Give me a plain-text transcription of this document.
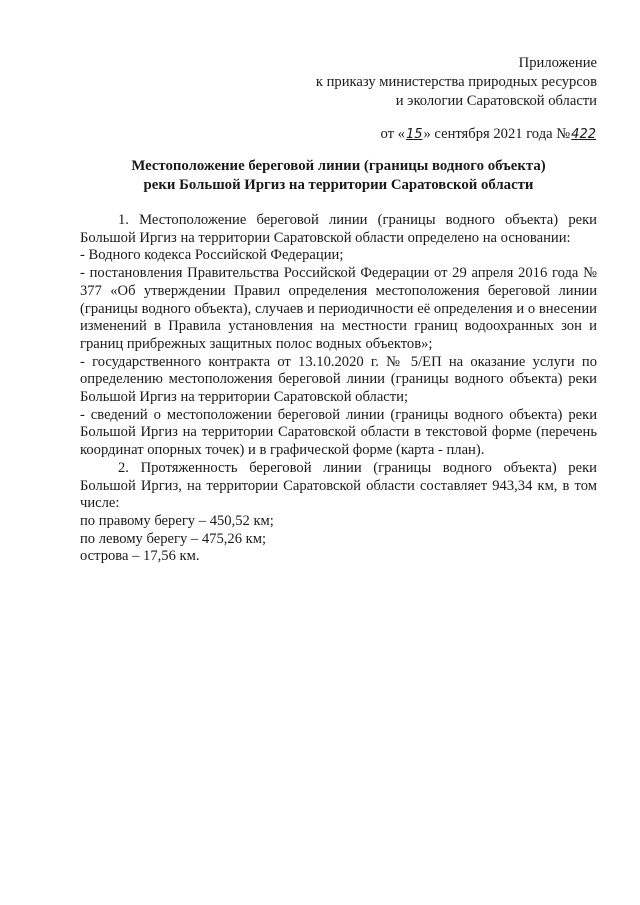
Приложение
к приказу министерства природных ресурсов
и экологии Саратовской области
от «15» сентября 2021 года №422
Местоположение береговой линии (границы водного объекта)
реки Большой Иргиз на территории Саратовской области

1. Местоположение береговой линии (границы водного объекта) реки Большой Иргиз на территории Саратовской области определено на основании:

- Водного кодекса Российской Федерации;

- постановления Правительства Российской Федерации от 29 апреля 2016 года № 377 «Об утверждении Правил определения местоположения береговой линии (границы водного объекта), случаев и периодичности её определения и о внесении изменений в Правила установления на местности границ водоохранных зон и границ прибрежных защитных полос водных объектов»;

- государственного контракта от 13.10.2020 г. № 5/ЕП на оказание услуги по определению местоположения береговой линии (границы водного объекта) реки Большой Иргиз на территории Саратовской области;

- сведений о местоположении береговой линии (границы водного объекта) реки Большой Иргиз на территории Саратовской области в текстовой форме (перечень координат опорных точек) и в графической форме (карта - план).

2. Протяженность береговой линии (границы водного объекта) реки Большой Иргиз, на территории Саратовской области составляет 943,34 км, в том числе:

по правому берегу – 450,52 км;

по левому берегу – 475,26 км;

острова – 17,56 км.
